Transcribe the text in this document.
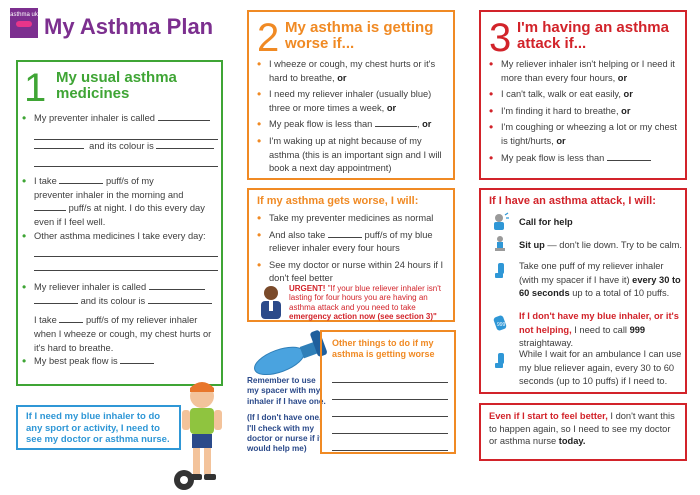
asthma uk My Asthma Plan
1 My usual asthma medicines
• My preventer inhaler is called
and its colour is
• I take	puff/s of my
preventer inhaler in the morning and
puff/s at night. I do this every day
even if I feel well.
• Other asthma medicines I take every day:
• My reliever inhaler is called
and its colour is
I take	puff/s of my reliever inhaler
when I wheeze or cough, my chest hurts or
it's hard to breathe.
• My best peak flow is
If I need my blue inhaler to do any sport or activity, I need to see my doctor or asthma nurse.
2 My asthma is getting worse if...
• I wheeze or cough, my chest hurts or it's hard to breathe, or
• I need my reliever inhaler (usually blue) three or more times a week, or
• My peak flow is less than	, or
• I'm waking up at night because of my asthma (this is an important sign and I will book a next day appointment)
If my asthma gets worse, I will:
• Take my preventer medicines as normal
• And also take	puff/s of my blue reliever inhaler every four hours
• See my doctor or nurse within 24 hours if I don't feel better
URGENT! "If your blue reliever inhaler isn't lasting for four hours you are having an asthma attack and you need to take emergency action now (see section 3)"
Remember to use my spacer with my inhaler if I have one.
(If I don't have one, I'll check with my doctor or nurse if it would help me)
Other things to do if my asthma is getting worse
3 I'm having an asthma attack if...
• My reliever inhaler isn't helping or I need it more than every four hours, or
• I can't talk, walk or eat easily, or
• I'm finding it hard to breathe, or
• I'm coughing or wheezing a lot or my chest is tight/hurts, or
• My peak flow is less than
If I have an asthma attack, I will:
Call for help
Sit up — don't lie down. Try to be calm.
Take one puff of my reliever inhaler (with my spacer if I have it) every 30 to 60 seconds up to a total of 10 puffs.
999
If I don't have my blue inhaler, or it's not helping, I need to call 999 straightaway.
While I wait for an ambulance I can use my blue reliever again, every 30 to 60 seconds (up to 10 puffs) if I need to.
Even if I start to feel better, I don't want this to happen again, so I need to see my doctor or asthma nurse today.
